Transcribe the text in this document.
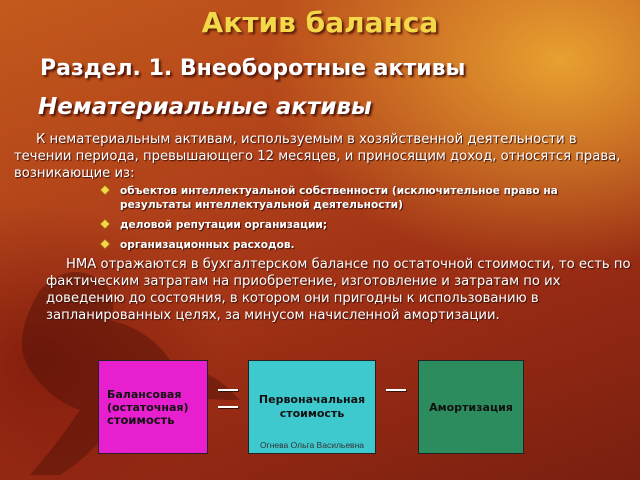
Актив баланса
Раздел. 1. Внеоборотные активы
Нематериальные активы
К нематериальным активам, используемым в хозяйственной деятельности в течении периода, превышающего 12 месяцев, и приносящим доход, относятся права, возникающие из:
объектов интеллектуальной собственности (исключительное право на результаты интеллектуальной деятельности)
деловой репутации организации;
организационных расходов.
НМА отражаются в бухгалтерском балансе по остаточной стоимости, то есть по фактическим затратам на приобретение, изготовление и затратам по их доведению до состояния, в котором они пригодны к использованию в запланированных целях, за минусом начисленной амортизации.
Балансовая
(остаточная)
стоимость
Первоначальная
стоимость	Амортизация
Огнева Ольга Васильевна
